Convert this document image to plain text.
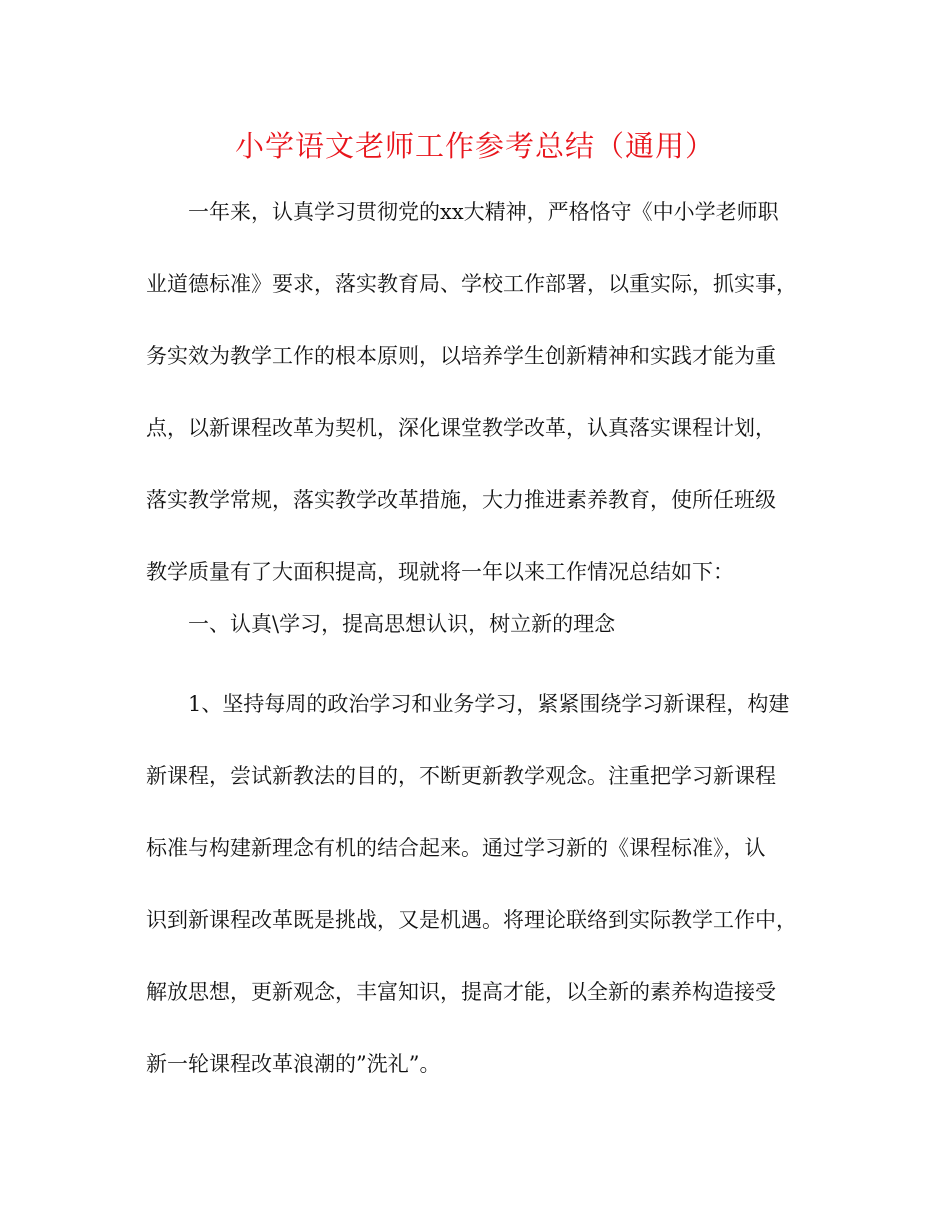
小学语文老师工作参考总结（通用）
一年来，认真学习贯彻党的xx大精神，严格恪守《中小学老师职
业道德标准》要求，落实教育局、学校工作部署，以重实际，抓实事，
务实效为教学工作的根本原则，以培养学生创新精神和实践才能为重
点，以新课程改革为契机，深化课堂教学改革，认真落实课程计划，
落实教学常规，落实教学改革措施，大力推进素养教育，使所任班级
教学质量有了大面积提高，现就将一年以来工作情况总结如下：
一、认真\学习，提高思想认识，树立新的理念
1、坚持每周的政治学习和业务学习，紧紧围绕学习新课程，构建
新课程，尝试新教法的目的，不断更新教学观念。注重把学习新课程
标准与构建新理念有机的结合起来。通过学习新的《课程标准》，认
识到新课程改革既是挑战，又是机遇。将理论联络到实际教学工作中，
解放思想，更新观念，丰富知识，提高才能，以全新的素养构造接受
新一轮课程改革浪潮的”洗礼”。
